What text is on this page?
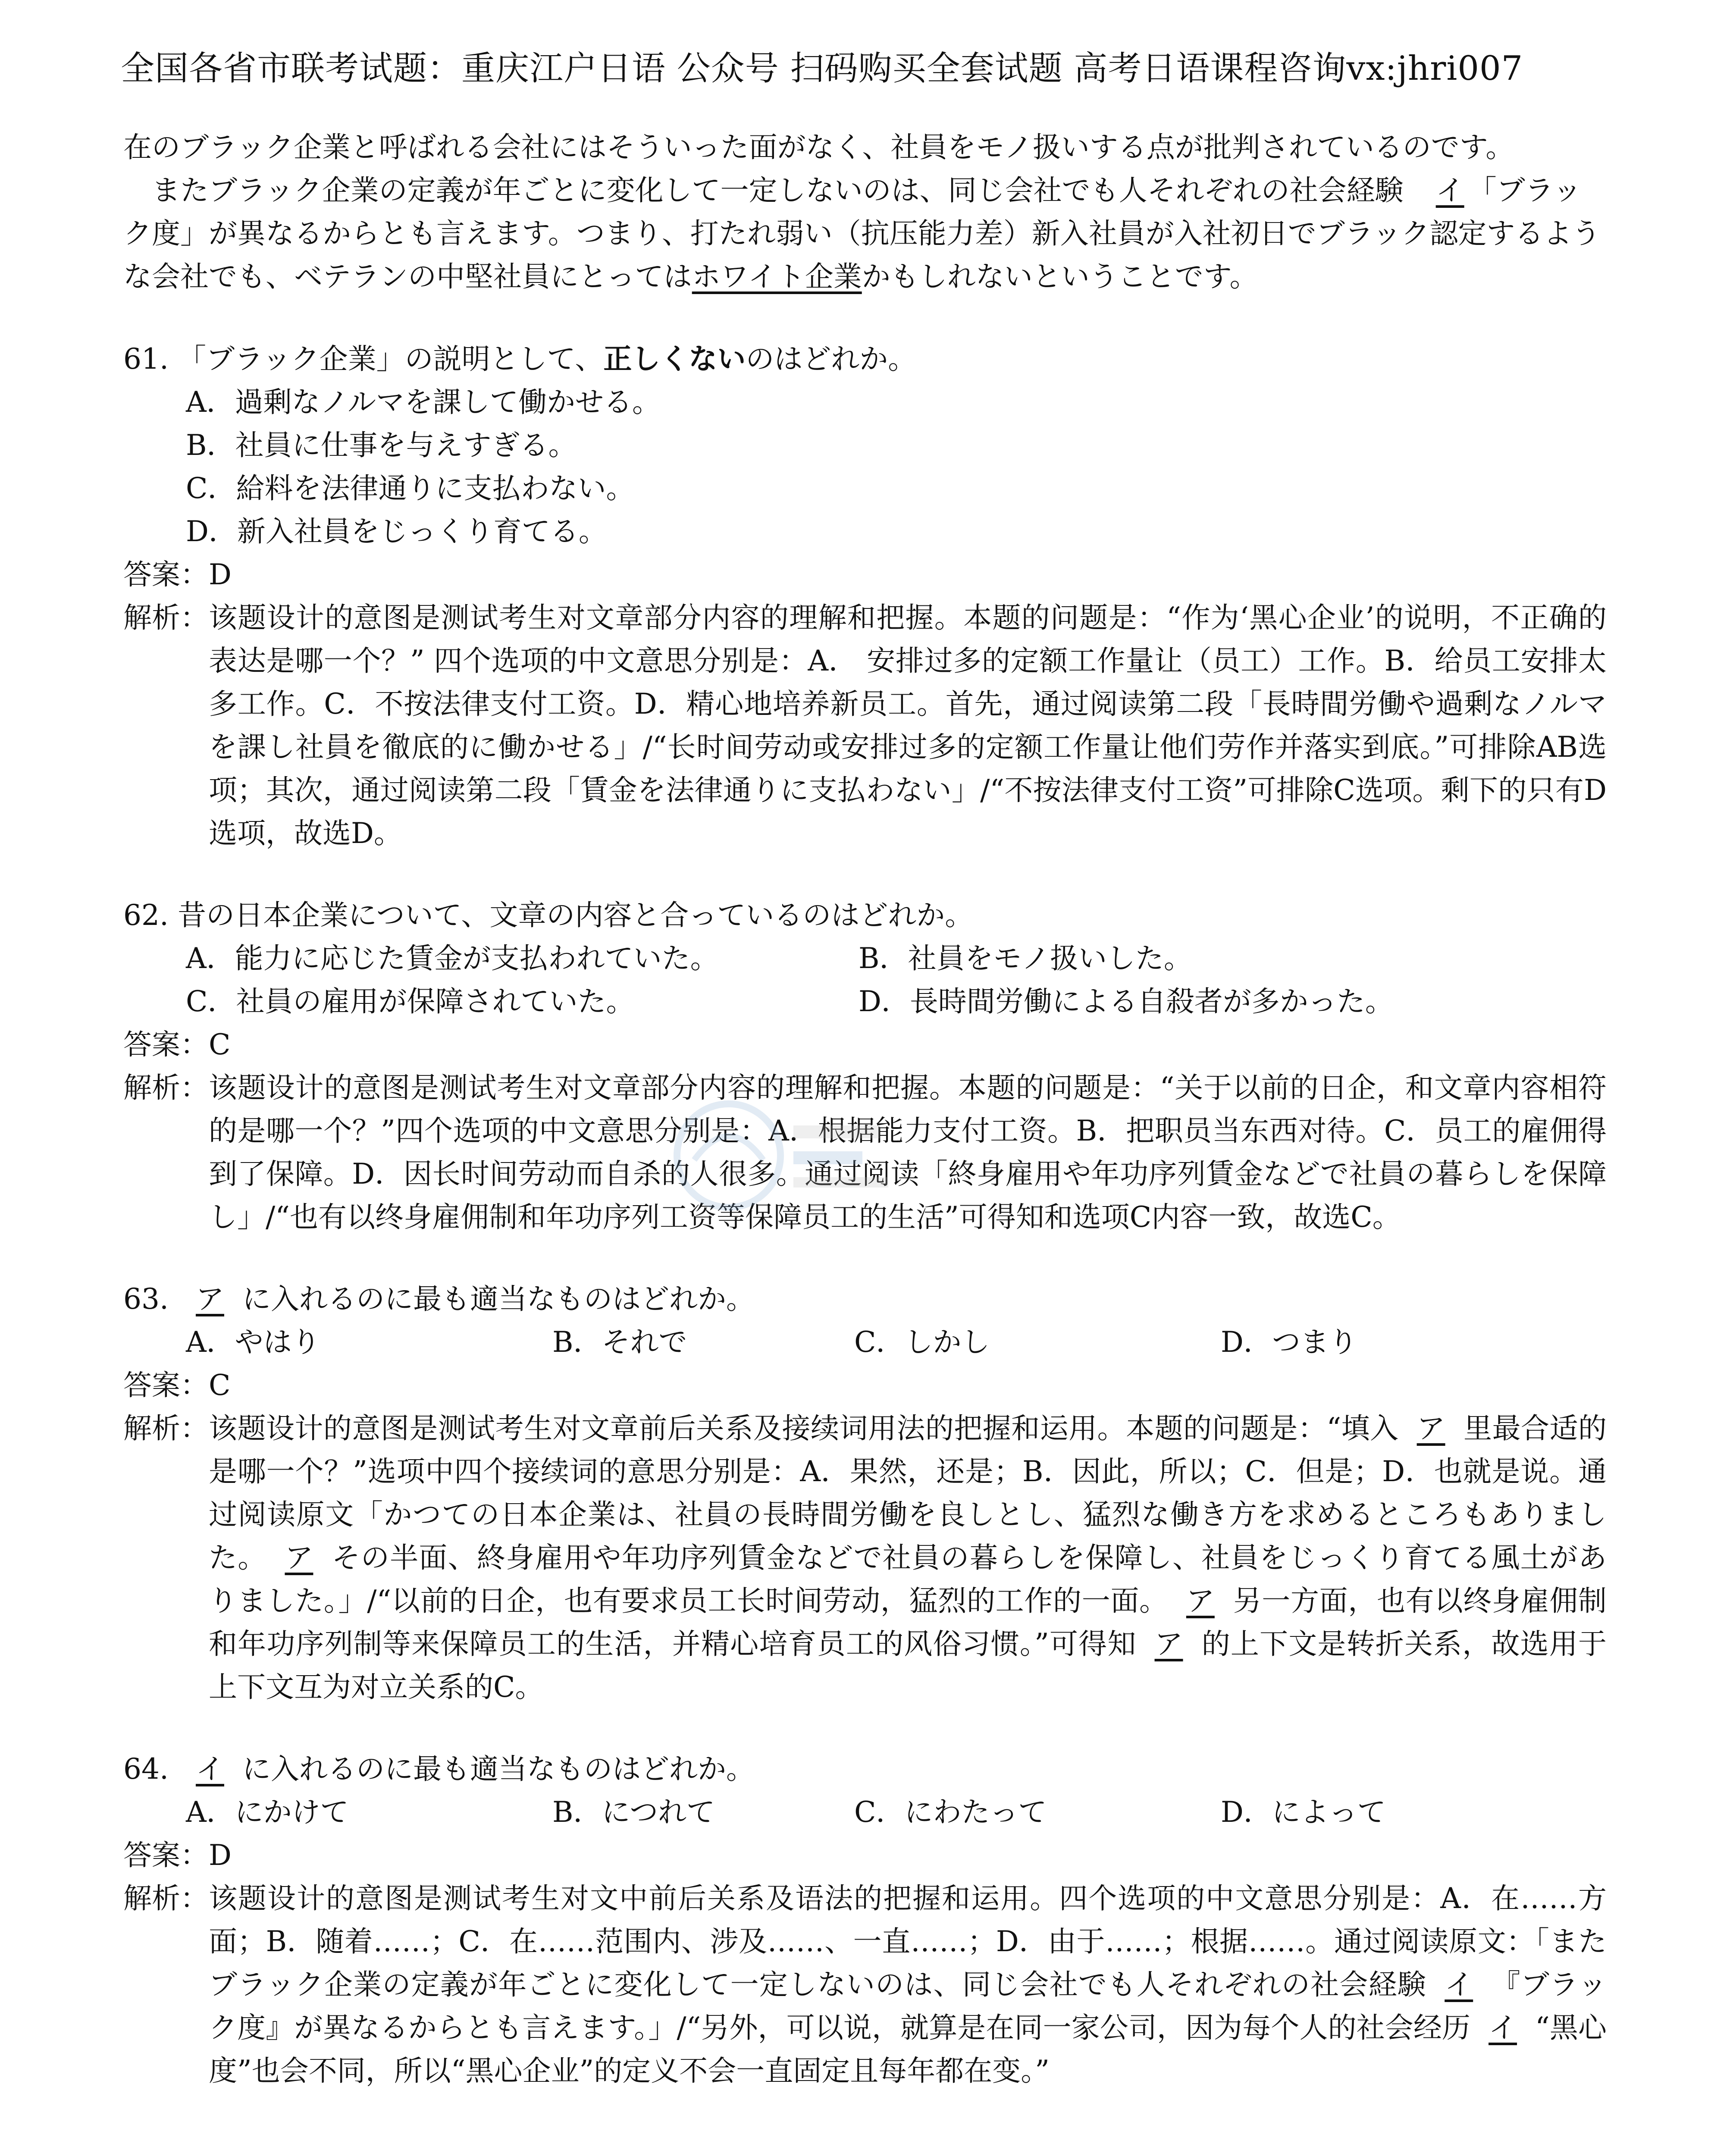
全国各省市联考试题：重庆江户日语 公众号 扫码购买全套试题 高考日语课程咨询vx:jhri007

在のブラック企業と呼ばれる会社にはそういった面がなく、社員をモノ扱いする点が批判されているのです。

またブラック企業の定義が年ごとに変化して一定しないのは、同じ会社でも人それぞれの社会経験 イ 「ブラック度」が異なるからとも言えます。つまり、打たれ弱い（抗压能力差）新入社員が入社初日でブラック認定するような会社でも、ベテランの中堅社員にとってはホワイト企業かもしれないということです。

61. 「ブラック企業」の説明として、正しくないのはどれか。
A．過剰なノルマを課して働かせる。
B．社員に仕事を与えすぎる。
C．給料を法律通りに支払わない。
D．新入社員をじっくり育てる。
答案：D
解析： 该题设计的意图是测试考生对文章部分内容的理解和把握。本题的问题是：“作为‘黑心企业’的说明，不正确的表达是哪一个？” 四个选项的中文意思分别是：A． 安排过多的定额工作量让（员工）工作。B．给员工安排太多工作。C．不按法律支付工资。D．精心地培养新员工。首先，通过阅读第二段「長時間労働や過剰なノルマを課し社員を徹底的に働かせる」/“长时间劳动或安排过多的定额工作量让他们劳作并落实到底。”可排除AB选项；其次，通过阅读第二段「賃金を法律通りに支払わない」/“不按法律支付工资”可排除C选项。剩下的只有D选项，故选D。
62. 昔の日本企業について、文章の内容と合っているのはどれか。
A．能力に応じた賃金が支払われていた。	B．社員をモノ扱いした。
C．社員の雇用が保障されていた。	D．長時間労働による自殺者が多かった。
答案：C
解析： 该题设计的意图是测试考生对文章部分内容的理解和把握。本题的问题是：“关于以前的日企，和文章内容相符的是哪一个？”四个选项的中文意思分别是：A．根据能力支付工资。B．把职员当东西对待。C．员工的雇佣得到了保障。D．因长时间劳动而自杀的人很多。通过阅读「終身雇用や年功序列賃金などで社員の暮らしを保障し」/“也有以终身雇佣制和年功序列工资等保障员工的生活”可得知和选项C内容一致，故选C。
63. ア に入れるのに最も適当なものはどれか。
A．やはり	B．それで	C．しかし	D．つまり
答案：C
解析： 该题设计的意图是测试考生对文章前后关系及接续词用法的把握和运用。本题的问题是：“填入 ア 里最合适的是哪一个？”选项中四个接续词的意思分别是：A．果然，还是；B．因此，所以；C．但是；D．也就是说。通过阅读原文「かつての日本企業は、社員の長時間労働を良しとし、猛烈な働き方を求めるところもありました。 ア その半面、終身雇用や年功序列賃金などで社員の暮らしを保障し、社員をじっくり育てる風土がありました。」/“以前的日企，也有要求员工长时间劳动，猛烈的工作的一面。 ア 另一方面，也有以终身雇佣制和年功序列制等来保障员工的生活，并精心培育员工的风俗习惯。”可得知 ア 的上下文是转折关系，故选用于上下文互为对立关系的C。
64. イ に入れるのに最も適当なものはどれか。
A．にかけて	B．につれて	C．にわたって	D．によって
答案：D
解析： 该题设计的意图是测试考生对文中前后关系及语法的把握和运用。四个选项的中文意思分别是：A．在……方面；B．随着……；C．在……范围内、涉及……、一直……；D．由于……；根据……。通过阅读原文：「またブラック企業の定義が年ごとに変化して一定しないのは、同じ会社でも人それぞれの社会経験 イ 『ブラック度』が異なるからとも言えます。」/“另外，可以说，就算是在同一家公司，因为每个人的社会经历 イ “黑心度”也会不同，所以“黑心企业”的定义不会一直固定且每年都在变。”
